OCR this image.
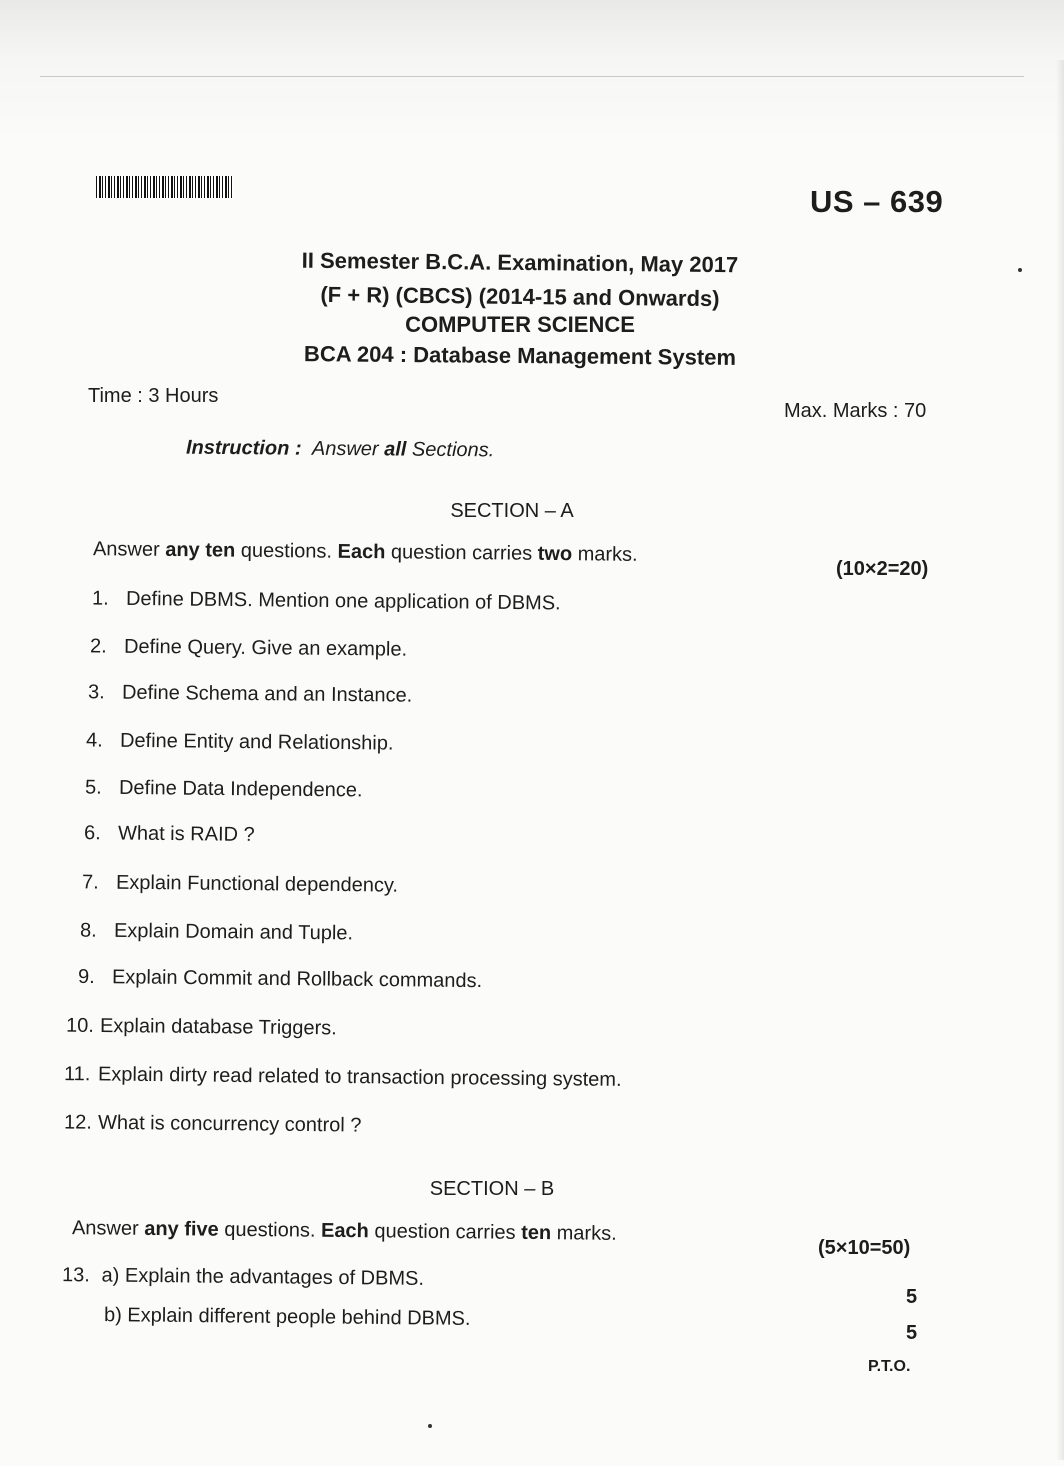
US – 639
II Semester B.C.A. Examination, May 2017
(F + R) (CBCS) (2014-15 and Onwards)
COMPUTER SCIENCE
BCA 204 : Database Management System
Time : 3 Hours
Max. Marks : 70
Instruction : Answer all Sections.
SECTION – A
Answer any ten questions. Each question carries two marks.
(10×2=20)
1. Define DBMS. Mention one application of DBMS.
2. Define Query. Give an example.
3. Define Schema and an Instance.
4. Define Entity and Relationship.
5. Define Data Independence.
6. What is RAID ?
7. Explain Functional dependency.
8. Explain Domain and Tuple.
9. Explain Commit and Rollback commands.
10. Explain database Triggers.
11. Explain dirty read related to transaction processing system.
12. What is concurrency control ?
SECTION – B
Answer any five questions. Each question carries ten marks.
(5×10=50)
13. a) Explain the advantages of DBMS.
5
b) Explain different people behind DBMS.
5
P.T.O.
